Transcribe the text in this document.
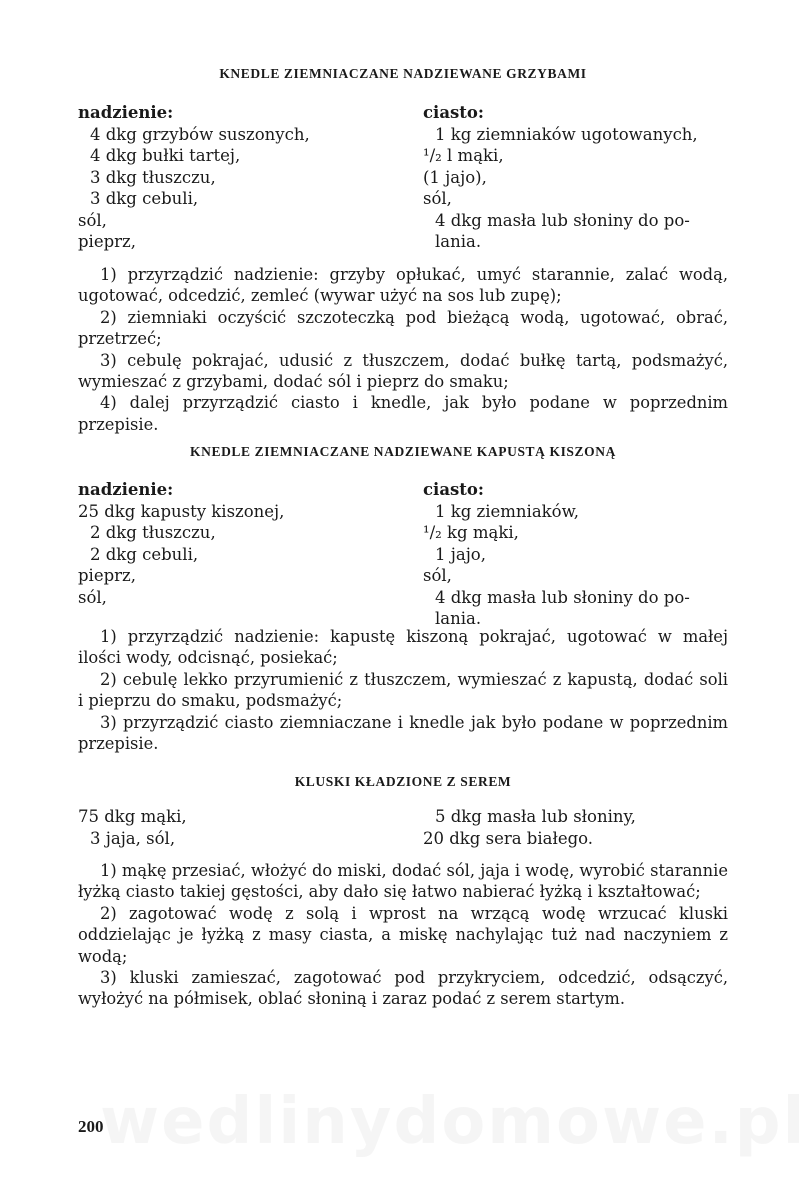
KNEDLE ZIEMNIACZANE NADZIEWANE GRZYBAMI
nadzienie:
4 dkg grzybów suszonych,
4 dkg bułki tartej,
3 dkg tłuszczu,
3 dkg cebuli,
sól,
pieprz,
ciasto:
1 kg ziemniaków ugotowanych,
¹/₂ l mąki,
(1 jajo),
sól,
4 dkg masła lub słoniny do po-
lania.

1) przyrządzić nadzienie: grzyby opłukać, umyć starannie, zalać wodą, ugotować, odcedzić, zemleć (wywar użyć na sos lub zupę);

2) ziemniaki oczyścić szczoteczką pod bieżącą wodą, ugotować, obrać, przetrzeć;

3) cebulę pokrajać, udusić z tłuszczem, dodać bułkę tartą, podsmażyć, wymieszać z grzybami, dodać sól i pieprz do smaku;

4) dalej przyrządzić ciasto i knedle, jak było podane w poprzednim przepisie.

KNEDLE ZIEMNIACZANE NADZIEWANE KAPUSTĄ KISZONĄ
nadzienie:
25 dkg kapusty kiszonej,
2 dkg tłuszczu,
2 dkg cebuli,
pieprz,
sól,
ciasto:
1 kg ziemniaków,
¹/₂ kg mąki,
1 jajo,
sól,
4 dkg masła lub słoniny do po-
lania.

1) przyrządzić nadzienie: kapustę kiszoną pokrajać, ugotować w małej ilości wody, odcisnąć, posiekać;

2) cebulę lekko przyrumienić z tłuszczem, wymieszać z kapustą, dodać soli i pieprzu do smaku, podsmażyć;

3) przyrządzić ciasto ziemniaczane i knedle jak było podane w poprzednim przepisie.

KLUSKI KŁADZIONE Z SEREM
75 dkg mąki,
3 jaja, sól,
5 dkg masła lub słoniny,
20 dkg sera białego.

1) mąkę przesiać, włożyć do miski, dodać sól, jaja i wodę, wyrobić starannie łyżką ciasto takiej gęstości, aby dało się łatwo nabierać łyżką i kształtować;

2) zagotować wodę z solą i wprost na wrzącą wodę wrzucać kluski oddzielając je łyżką z masy ciasta, a miskę nachylając tuż nad naczyniem z wodą;

3) kluski zamieszać, zagotować pod przykryciem, odcedzić, odsączyć, wyłożyć na półmisek, oblać słoniną i zaraz podać z serem startym.

200
